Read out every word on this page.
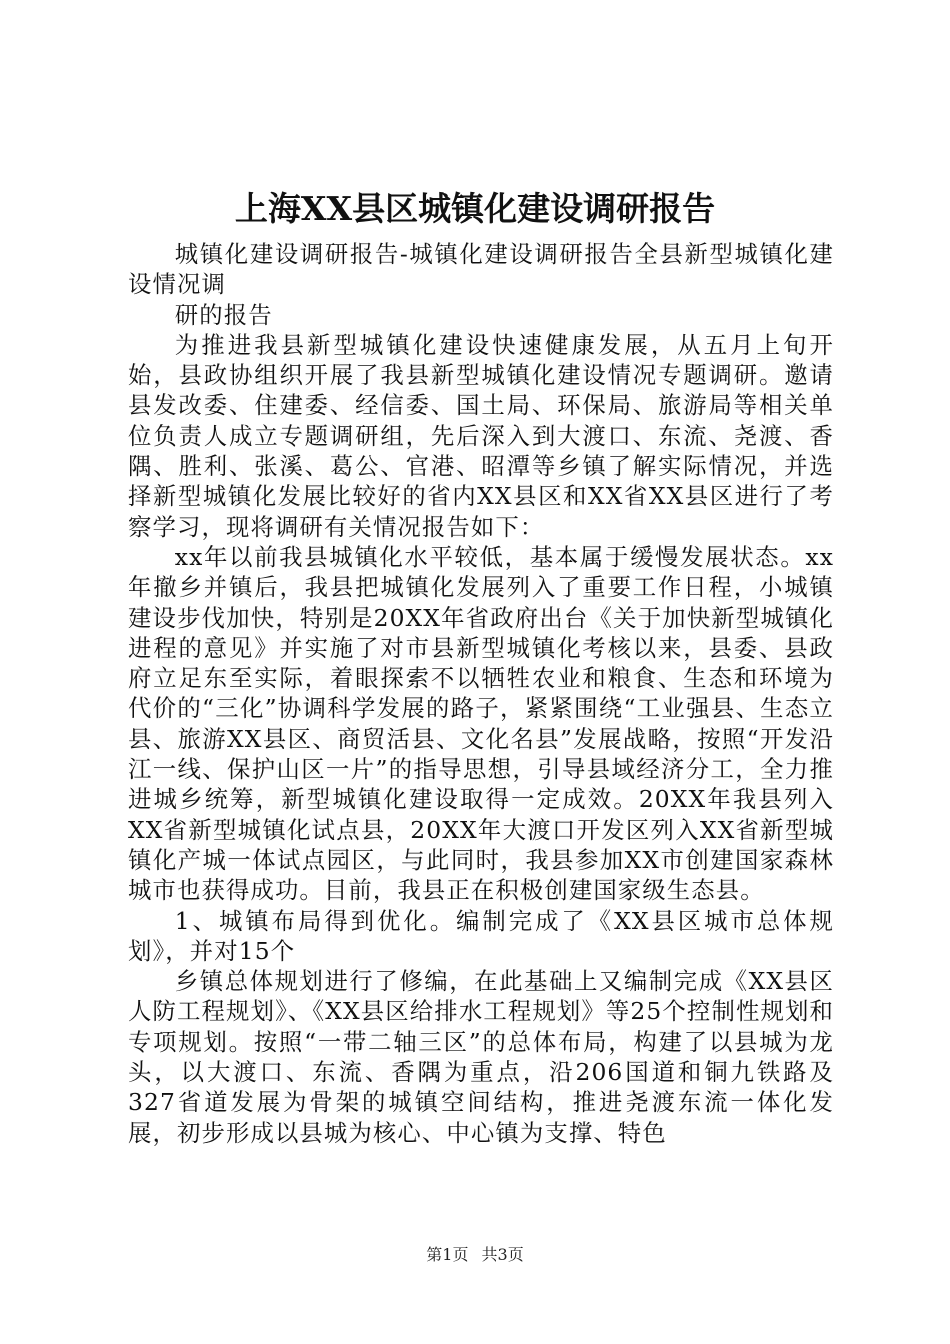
上海XX县区城镇化建设调研报告

城镇化建设调研报告-城镇化建设调研报告全县新型城镇化建设情况调

研的报告

为推进我县新型城镇化建设快速健康发展，从五月上旬开始，县政协组织开展了我县新型城镇化建设情况专题调研。邀请县发改委、住建委、经信委、国土局、环保局、旅游局等相关单位负责人成立专题调研组，先后深入到大渡口、东流、尧渡、香隅、胜利、张溪、葛公、官港、昭潭等乡镇了解实际情况，并选择新型城镇化发展比较好的省内XX县区和XX省XX县区进行了考察学习，现将调研有关情况报告如下：

xx年以前我县城镇化水平较低，基本属于缓慢发展状态。xx年撤乡并镇后，我县把城镇化发展列入了重要工作日程，小城镇建设步伐加快，特别是20XX年省政府出台《关于加快新型城镇化进程的意见》并实施了对市县新型城镇化考核以来，县委、县政府立足东至实际，着眼探索不以牺牲农业和粮食、生态和环境为代价的“三化”协调科学发展的路子，紧紧围绕“工业强县、生态立县、旅游XX县区、商贸活县、文化名县”发展战略，按照“开发沿江一线、保护山区一片”的指导思想，引导县域经济分工，全力推进城乡统筹，新型城镇化建设取得一定成效。20XX年我县列入XX省新型城镇化试点县，20XX年大渡口开发区列入XX省新型城镇化产城一体试点园区，与此同时，我县参加XX市创建国家森林城市也获得成功。目前，我县正在积极创建国家级生态县。

1、城镇布局得到优化。编制完成了《XX县区城市总体规划》，并对15个

乡镇总体规划进行了修编，在此基础上又编制完成《XX县区人防工程规划》、《XX县区给排水工程规划》等25个控制性规划和专项规划。按照“一带二轴三区”的总体布局，构建了以县城为龙头，以大渡口、东流、香隅为重点，沿206国道和铜九铁路及327省道发展为骨架的城镇空间结构，推进尧渡东流一体化发展，初步形成以县城为核心、中心镇为支撑、特色

第1页 共3页
